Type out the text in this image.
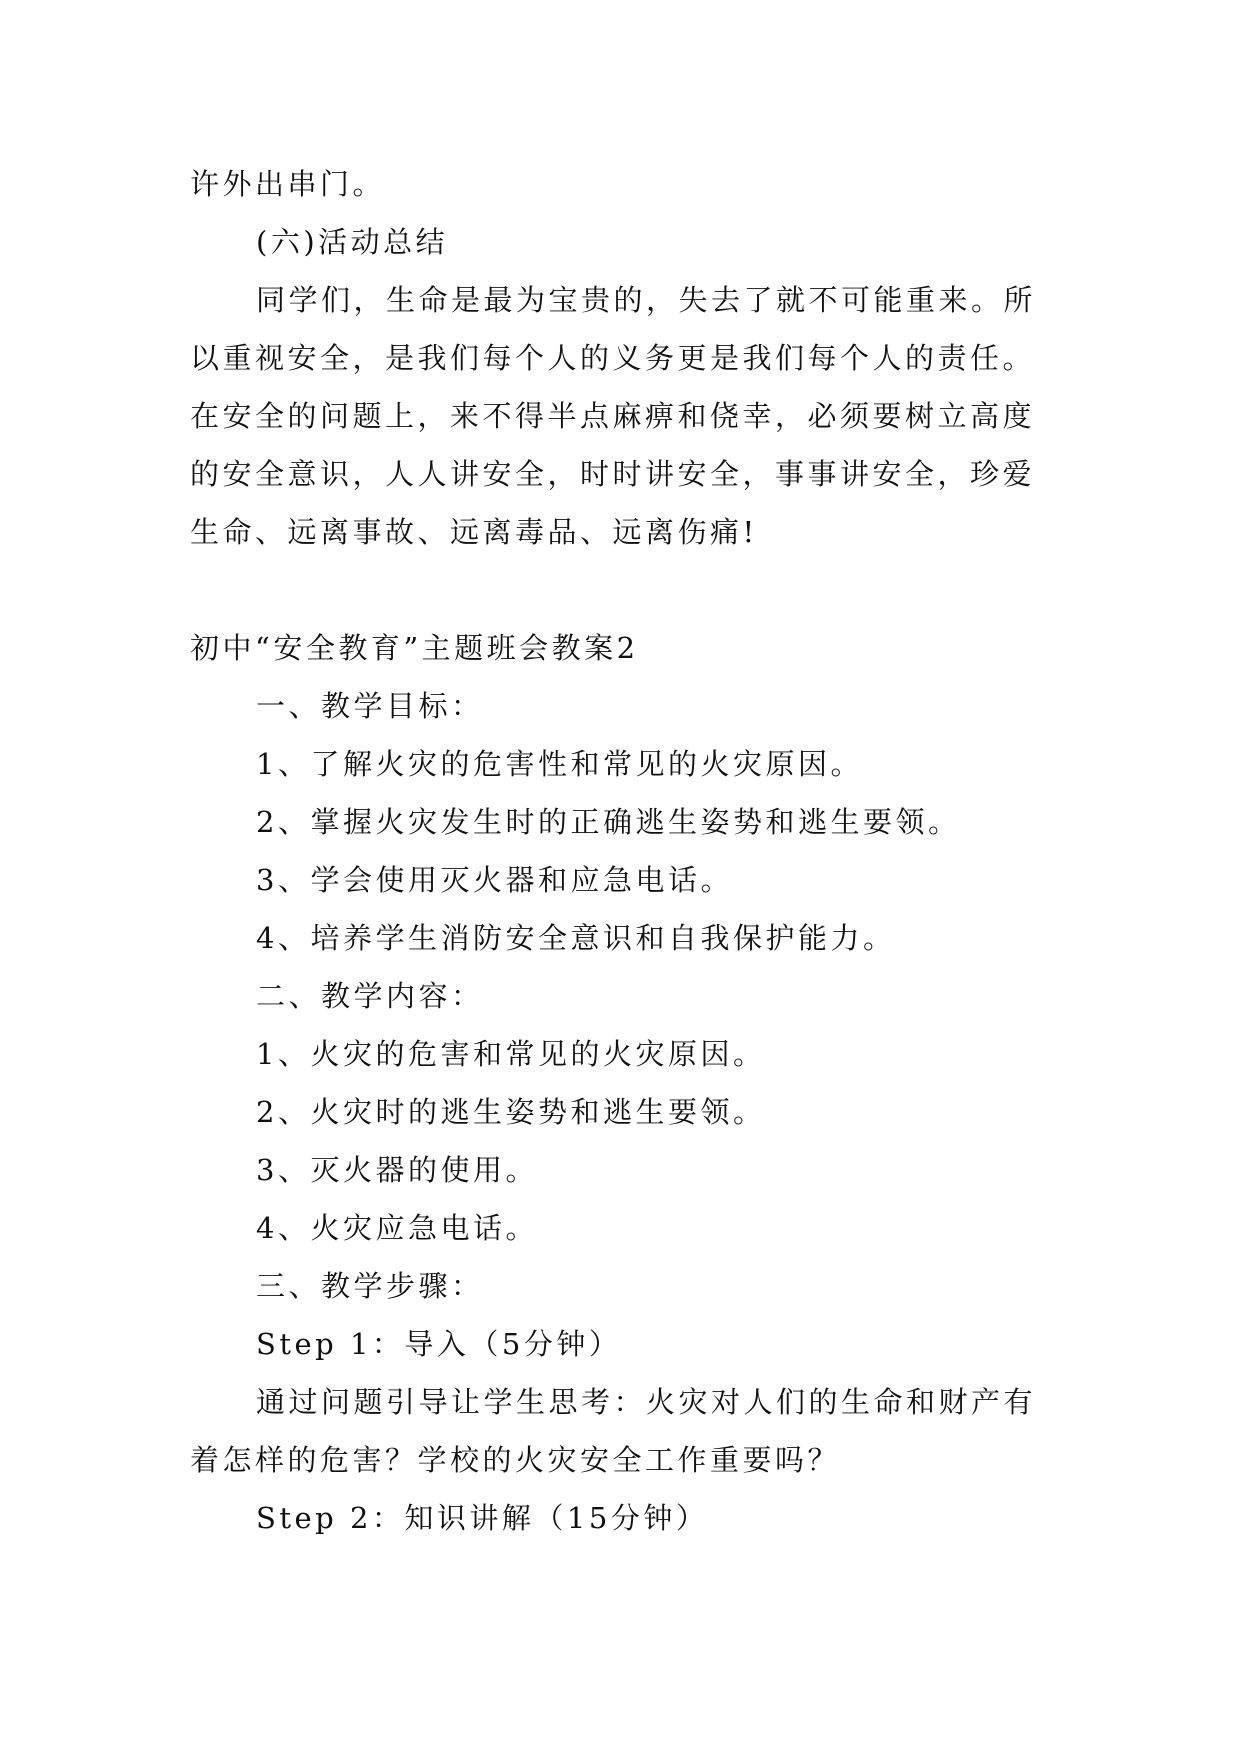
许外出串门。
(六)活动总结
同学们，生命是最为宝贵的，失去了就不可能重来。所
以重视安全，是我们每个人的义务更是我们每个人的责任。
在安全的问题上，来不得半点麻痹和侥幸，必须要树立高度
的安全意识，人人讲安全，时时讲安全，事事讲安全，珍爱
生命、远离事故、远离毒品、远离伤痛!
初中“安全教育”主题班会教案2
一、教学目标：
1、了解火灾的危害性和常见的火灾原因。
2、掌握火灾发生时的正确逃生姿势和逃生要领。
3、学会使用灭火器和应急电话。
4、培养学生消防安全意识和自我保护能力。
二、教学内容：
1、火灾的危害和常见的火灾原因。
2、火灾时的逃生姿势和逃生要领。
3、灭火器的使用。
4、火灾应急电话。
三、教学步骤：
Step 1：导入（5分钟）
通过问题引导让学生思考：火灾对人们的生命和财产有
着怎样的危害？学校的火灾安全工作重要吗？
Step 2：知识讲解（15分钟）
